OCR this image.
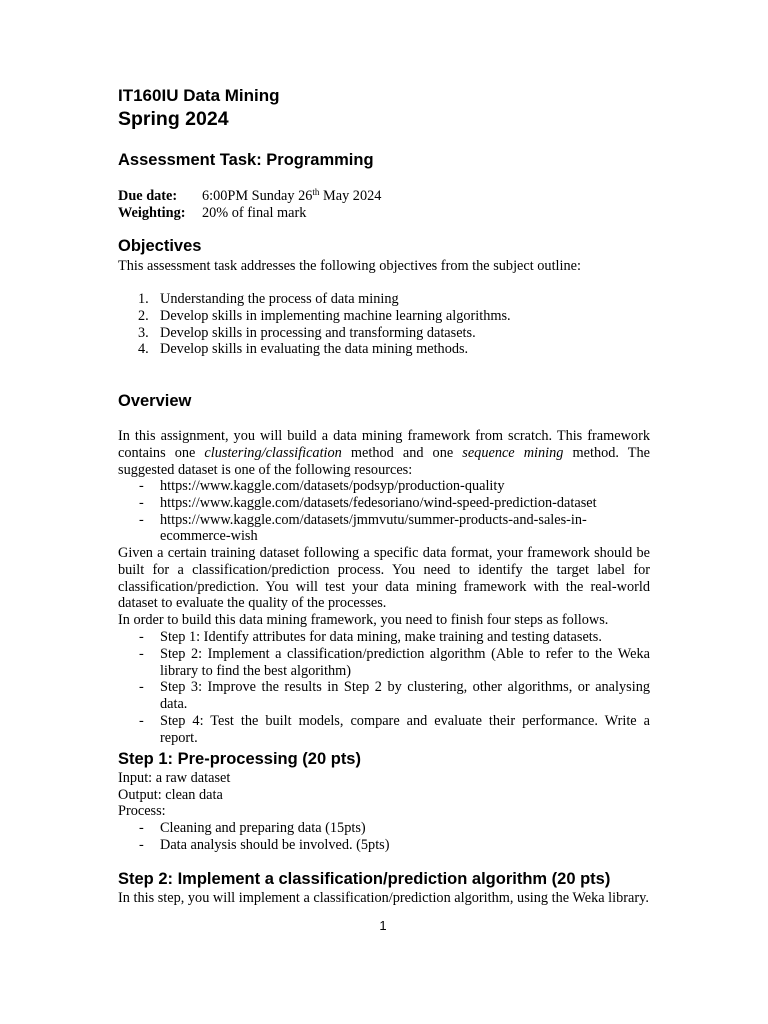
IT160IU Data Mining
Spring 2024
Assessment Task: Programming
Due date: 6:00PM Sunday 26th May 2024
Weighting: 20% of final mark
Objectives

This assessment task addresses the following objectives from the subject outline:

1. Understanding the process of data mining
2. Develop skills in implementing machine learning algorithms.
3. Develop skills in processing and transforming datasets.
4. Develop skills in evaluating the data mining methods.
Overview

In this assignment, you will build a data mining framework from scratch. This framework

contains one clustering/classification method and one sequence mining method. The

suggested dataset is one of the following resources:

- https://www.kaggle.com/datasets/podsyp/production-quality
- https://www.kaggle.com/datasets/fedesoriano/wind-speed-prediction-dataset
- https://www.kaggle.com/datasets/jmmvutu/summer-products-and-sales-in-ecommerce-wish

Given a certain training dataset following a specific data format, your framework should be built for a classification/prediction process. You need to identify the target label for classification/prediction. You will test your data mining framework with the real-world dataset to evaluate the quality of the processes.

In order to build this data mining framework, you need to finish four steps as follows.

- Step 1: Identify attributes for data mining, make training and testing datasets.
- Step 2: Implement a classification/prediction algorithm (Able to refer to the Weka library to find the best algorithm)
- Step 3: Improve the results in Step 2 by clustering, other algorithms, or analysing data.
- Step 4: Test the built models, compare and evaluate their performance. Write a report.
Step 1: Pre-processing (20 pts)

Input: a raw dataset

Output: clean data

Process:

- Cleaning and preparing data (15pts)
- Data analysis should be involved. (5pts)
Step 2: Implement a classification/prediction algorithm (20 pts)

In this step, you will implement a classification/prediction algorithm, using the Weka library.

1
